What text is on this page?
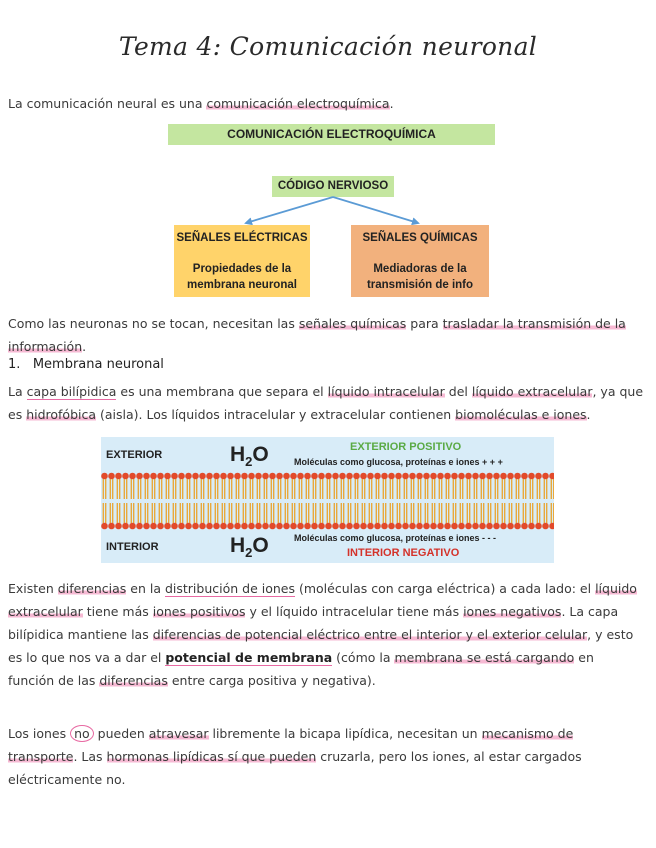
Tema 4: Comunicación neuronal
La comunicación neural es una comunicación electroquímica.
COMUNICACIÓN ELECTROQUÍMICA
CÓDIGO NERVIOSO
SEÑALES ELÉCTRICAS
Propiedades de la
membrana neuronal
SEÑALES QUÍMICAS
Mediadoras de la
transmisión de info
Como las neuronas no se tocan, necesitan las señales químicas para trasladar la transmisión de la información.
1. Membrana neuronal
La capa bilípidica es una membrana que separa el líquido intracelular del líquido extracelular, ya que es hidrofóbica (aisla). Los líquidos intracelular y extracelular contienen biomoléculas e iones.
EXTERIOR	$H_2O$	EXTERIOR POSITIVO
Moléculas como glucosa, proteínas e iones + + +
INTERIOR	$H_2O$	Moléculas como glucosa, proteínas e iones - - -
INTERIOR NEGATIVO
Existen diferencias en la distribución de iones (moléculas con carga eléctrica) a cada lado: el líquido extracelular tiene más iones positivos y el líquido intracelular tiene más iones negativos. La capa bilípidica mantiene las diferencias de potencial eléctrico entre el interior y el exterior celular, y esto es lo que nos va a dar el potencial de membrana (cómo la membrana se está cargando en función de las diferencias entre carga positiva y negativa).
Los iones no pueden atravesar libremente la bicapa lipídica, necesitan un mecanismo de transporte. Las hormonas lipídicas sí que pueden cruzarla, pero los iones, al estar cargados eléctricamente no.
